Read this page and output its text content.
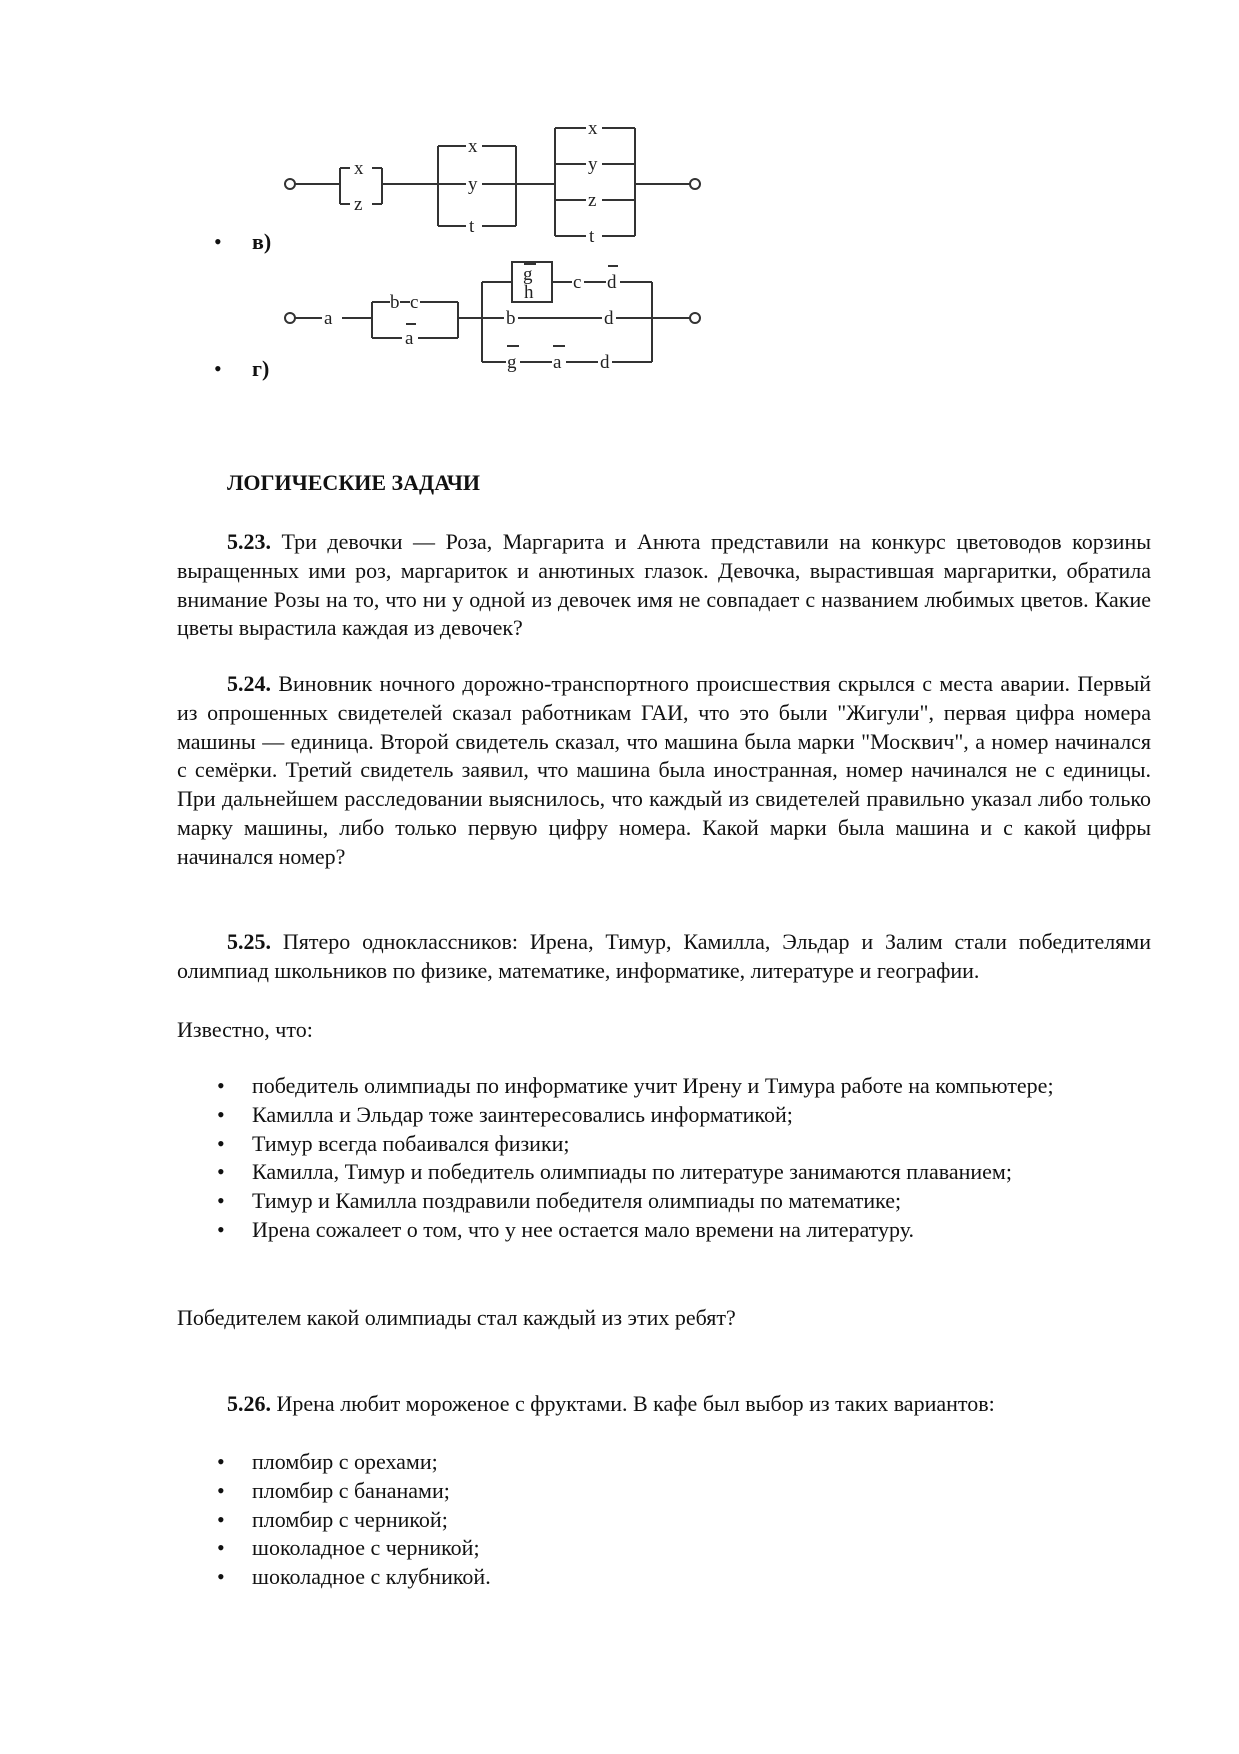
x
z
x
y
t
x
y
z
t
• в)
a
b c
a
g
h c d
b	d
g a d
• г)
ЛОГИЧЕСКИЕ ЗАДАЧИ

5.23. Три девочки — Роза, Маргарита и Анюта представили на конкурс цветоводов корзины выращенных ими роз, маргариток и анютиных глазок. Девочка, вырастившая маргаритки, обратила внимание Розы на то, что ни у одной из девочек имя не совпадает с названием любимых цветов. Какие цветы вырастила каждая из девочек?

5.24. Виновник ночного дорожно-транспортного происшествия скрылся с места аварии. Первый из опрошенных свидетелей сказал работникам ГАИ, что это были "Жигули", первая цифра номера машины — единица. Второй свидетель сказал, что машина была марки "Москвич", а номер начинался с семёрки. Третий свидетель заявил, что машина была иностранная, номер начинался не с единицы. При дальнейшем расследовании выяснилось, что каждый из свидетелей правильно указал либо только марку машины, либо только первую цифру номера. Какой марки была машина и с какой цифры начинался номер?

5.25. Пятеро одноклассников: Ирена, Тимур, Камилла, Эльдар и Залим стали победителями олимпиад школьников по физике, математике, информатике, литературе и географии.

Известно, что:

• победитель олимпиады по информатике учит Ирену и Тимура работе на компьютере;
• Камилла и Эльдар тоже заинтересовались информатикой;
• Тимур всегда побаивался физики;
• Камилла, Тимур и победитель олимпиады по литературе занимаются плаванием;
• Тимур и Камилла поздравили победителя олимпиады по математике;
• Ирена сожалеет о том, что у нее остается мало времени на литературу.

Победителем какой олимпиады стал каждый из этих ребят?

5.26. Ирена любит мороженое с фруктами. В кафе был выбор из таких вариантов:

• пломбир с орехами;
• пломбир с бананами;
• пломбир с черникой;
• шоколадное с черникой;
• шоколадное с клубникой.
